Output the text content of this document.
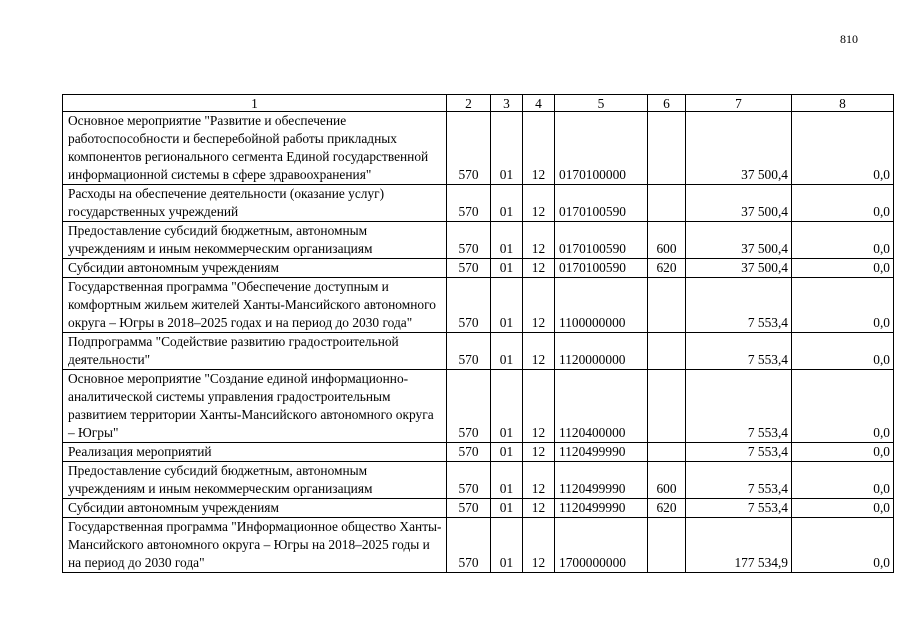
810
1	2	3	4	5	6	7	8
Основное мероприятие "Развитие и обеспечение работоспособности и бесперебойной работы прикладных компонентов регионального сегмента Единой государственной информационной системы в сфере здравоохранения"	570	01	12	0170100000		37 500,4	0,0
Расходы на обеспечение деятельности (оказание услуг) государственных учреждений	570	01	12	0170100590		37 500,4	0,0
Предоставление субсидий бюджетным, автономным учреждениям и иным некоммерческим организациям	570	01	12	0170100590	600	37 500,4	0,0
Субсидии автономным учреждениям	570	01	12	0170100590	620	37 500,4	0,0
Государственная программа "Обеспечение доступным и комфортным жильем жителей Ханты-Мансийского автономного округа – Югры в 2018–2025 годах и на период до 2030 года"	570	01	12	1100000000		7 553,4	0,0
Подпрограмма "Содействие развитию градостроительной деятельности"	570	01	12	1120000000		7 553,4	0,0
Основное мероприятие "Создание единой информационно-аналитической системы управления градостроительным развитием территории Ханты-Мансийского автономного округа – Югры"	570	01	12	1120400000		7 553,4	0,0
Реализация мероприятий	570	01	12	1120499990		7 553,4	0,0
Предоставление субсидий бюджетным, автономным учреждениям и иным некоммерческим организациям	570	01	12	1120499990	600	7 553,4	0,0
Субсидии автономным учреждениям	570	01	12	1120499990	620	7 553,4	0,0
Государственная программа "Информационное общество Ханты-Мансийского автономного округа – Югры на 2018–2025 годы и на период до 2030 года"	570	01	12	1700000000		177 534,9	0,0
